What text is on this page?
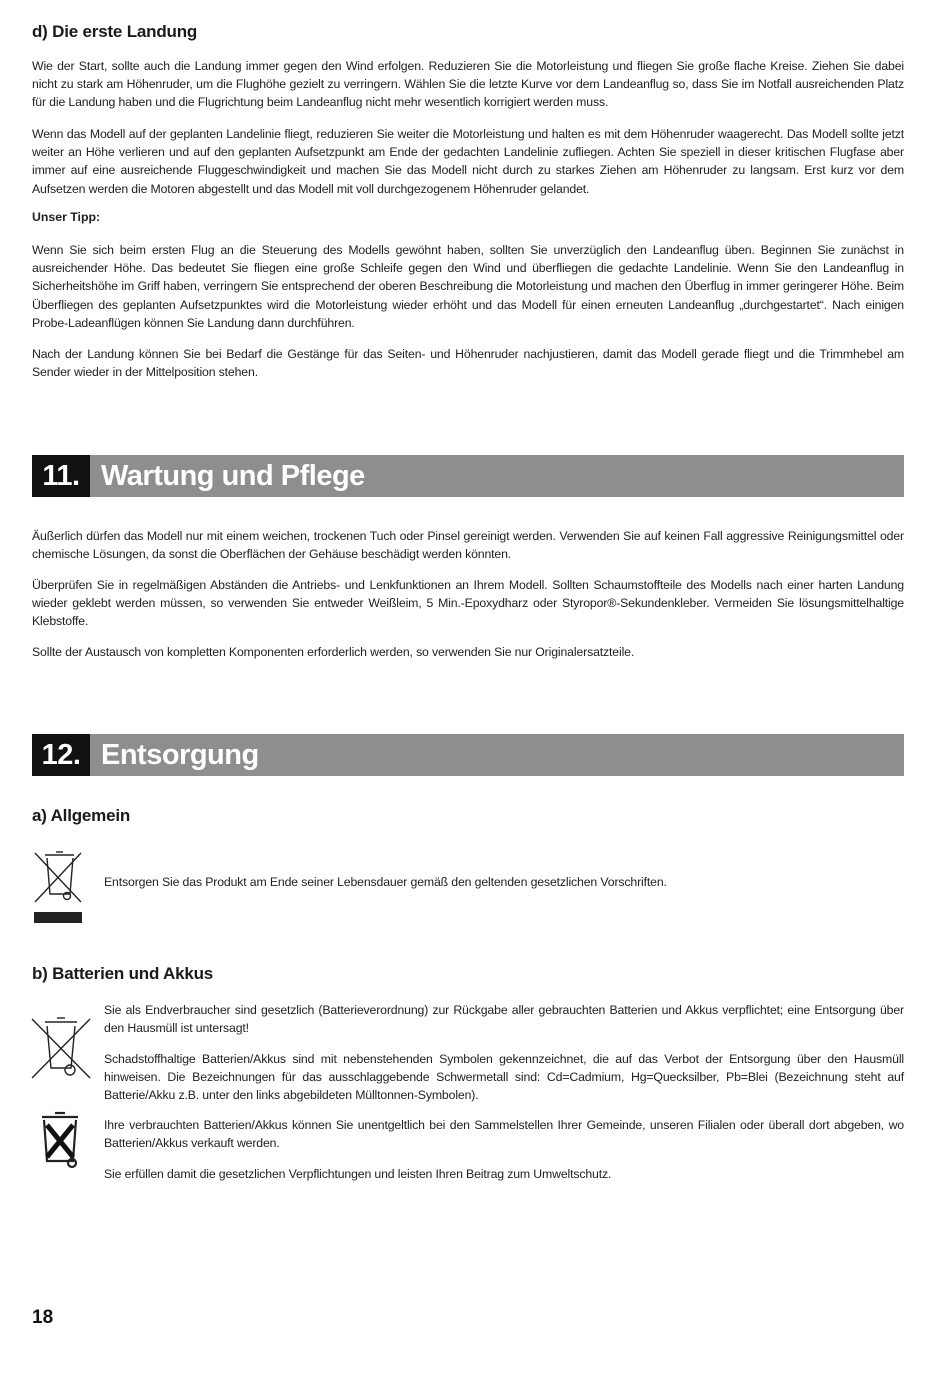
d) Die erste Landung

Wie der Start, sollte auch die Landung immer gegen den Wind erfolgen. Reduzieren Sie die Motorleistung und fliegen Sie große flache Kreise. Ziehen Sie dabei nicht zu stark am Höhenruder, um die Flughöhe gezielt zu verringern. Wählen Sie die letzte Kurve vor dem Landeanflug so, dass Sie im Notfall ausreichenden Platz für die Landung haben und die Flugrichtung beim Landeanflug nicht mehr wesentlich korrigiert werden muss.

Wenn das Modell auf der geplanten Landelinie fliegt, reduzieren Sie weiter die Motorleistung und halten es mit dem Höhenruder waagerecht. Das Modell sollte jetzt weiter an Höhe verlieren und auf den geplanten Aufsetzpunkt am Ende der gedachten Landelinie zufliegen. Achten Sie speziell in dieser kritischen Flugfase aber immer auf eine ausreichende Fluggeschwindigkeit und machen Sie das Modell nicht durch zu starkes Ziehen am Höhenruder zu langsam. Erst kurz vor dem Aufsetzen werden die Motoren abgestellt und das Modell mit voll durchgezogenem Höhenruder gelandet.

Unser Tipp:

Wenn Sie sich beim ersten Flug an die Steuerung des Modells gewöhnt haben, sollten Sie unverzüglich den Landeanflug üben. Beginnen Sie zunächst in ausreichender Höhe. Das bedeutet Sie fliegen eine große Schleife gegen den Wind und überfliegen die gedachte Landelinie. Wenn Sie den Landeanflug in Sicherheitshöhe im Griff haben, verringern Sie entsprechend der oberen Beschreibung die Motorleistung und machen den Überflug in immer geringerer Höhe. Beim Überfliegen des geplanten Aufsetzpunktes wird die Motorleistung wieder erhöht und das Modell für einen erneuten Landeanflug „durchgestartet“. Nach einigen Probe-Ladeanflügen können Sie Landung dann durchführen.

Nach der Landung können Sie bei Bedarf die Gestänge für das Seiten- und Höhenruder nachjustieren, damit das Modell gerade fliegt und die Trimmhebel am Sender wieder in der Mittelposition stehen.

11. Wartung und Pflege

Äußerlich dürfen das Modell nur mit einem weichen, trockenen Tuch oder Pinsel gereinigt werden. Verwenden Sie auf keinen Fall aggressive Reinigungsmittel oder chemische Lösungen, da sonst die Oberflächen der Gehäuse beschädigt werden könnten.

Überprüfen Sie in regelmäßigen Abständen die Antriebs- und Lenkfunktionen an Ihrem Modell. Sollten Schaumstoffteile des Modells nach einer harten Landung wieder geklebt werden müssen, so verwenden Sie entweder Weißleim, 5 Min.-Epoxydharz oder Styropor®-Sekundenkleber. Vermeiden Sie lösungsmittelhaltige Klebstoffe.

Sollte der Austausch von kompletten Komponenten erforderlich werden, so verwenden Sie nur Originalersatzteile.

12. Entsorgung
a) Allgemein

Entsorgen Sie das Produkt am Ende seiner Lebensdauer gemäß den geltenden gesetzlichen Vorschriften.

b) Batterien und Akkus

Sie als Endverbraucher sind gesetzlich (Batterieverordnung) zur Rückgabe aller gebrauchten Batterien und Akkus verpflichtet; eine Entsorgung über den Hausmüll ist untersagt!

Schadstoffhaltige Batterien/Akkus sind mit nebenstehenden Symbolen gekennzeichnet, die auf das Verbot der Entsorgung über den Hausmüll hinweisen. Die Bezeichnungen für das ausschlaggebende Schwermetall sind: Cd=Cadmium, Hg=Quecksilber, Pb=Blei (Bezeichnung steht auf Batterie/Akku z.B. unter den links abgebildeten Mülltonnen-Symbolen).

Ihre verbrauchten Batterien/Akkus können Sie unentgeltlich bei den Sammelstellen Ihrer Gemeinde, unseren Filialen oder überall dort abgeben, wo Batterien/Akkus verkauft werden.

Sie erfüllen damit die gesetzlichen Verpflichtungen und leisten Ihren Beitrag zum Umweltschutz.

18
